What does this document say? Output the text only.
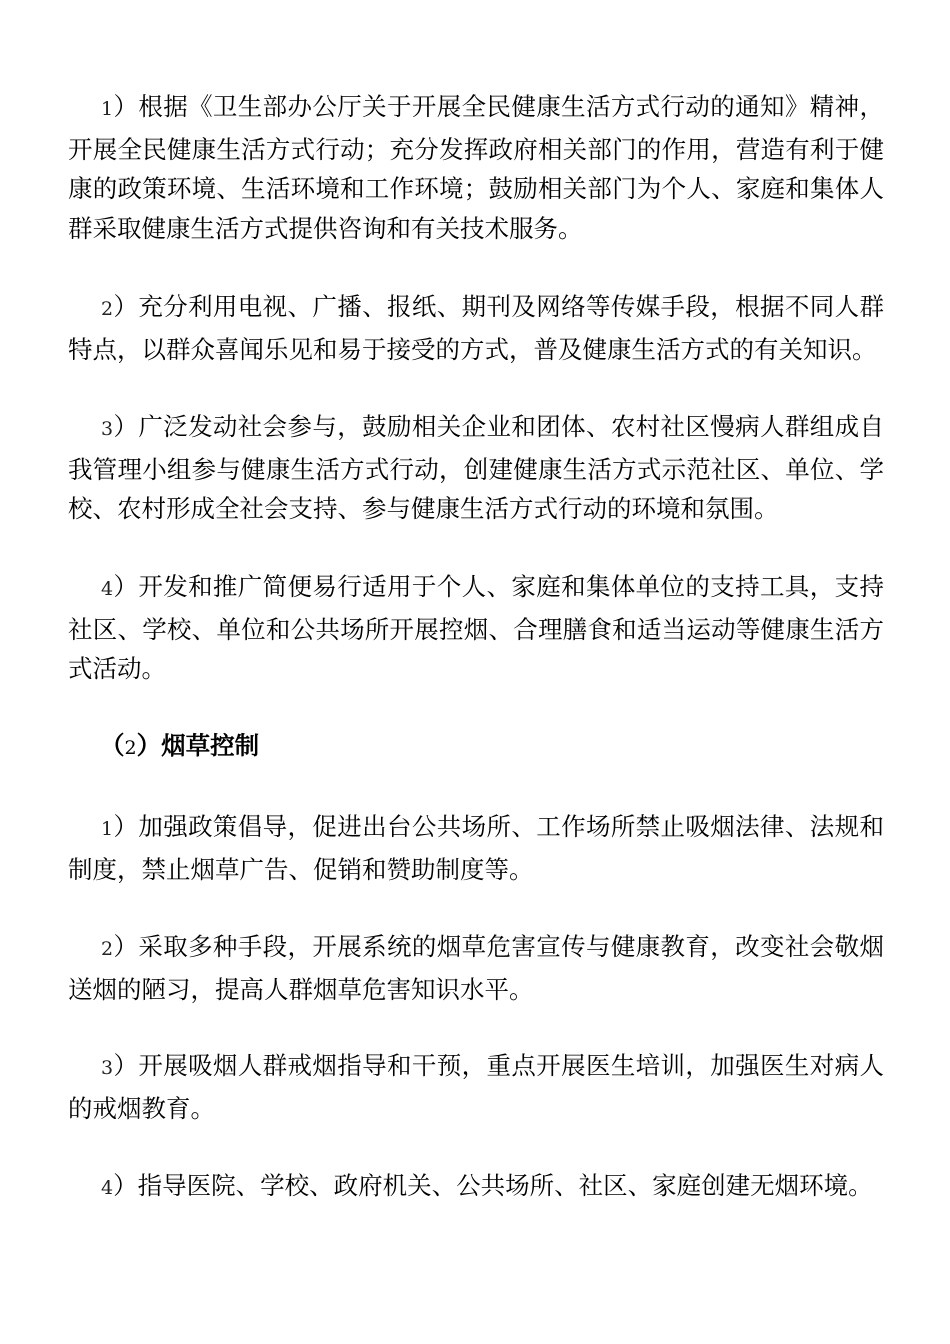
1）根据《卫生部办公厅关于开展全民健康生活方式行动的通知》精神，开展全民健康生活方式行动；充分发挥政府相关部门的作用，营造有利于健康的政策环境、生活环境和工作环境；鼓励相关部门为个人、家庭和集体人群采取健康生活方式提供咨询和有关技术服务。

2）充分利用电视、广播、报纸、期刊及网络等传媒手段，根据不同人群特点，以群众喜闻乐见和易于接受的方式，普及健康生活方式的有关知识。

3）广泛发动社会参与，鼓励相关企业和团体、农村社区慢病人群组成自我管理小组参与健康生活方式行动，创建健康生活方式示范社区、单位、学校、农村形成全社会支持、参与健康生活方式行动的环境和氛围。

4）开发和推广简便易行适用于个人、家庭和集体单位的支持工具，支持社区、学校、单位和公共场所开展控烟、合理膳食和适当运动等健康生活方式活动。

（2）烟草控制

1）加强政策倡导，促进出台公共场所、工作场所禁止吸烟法律、法规和制度，禁止烟草广告、促销和赞助制度等。

2）采取多种手段，开展系统的烟草危害宣传与健康教育，改变社会敬烟送烟的陋习，提高人群烟草危害知识水平。

3）开展吸烟人群戒烟指导和干预，重点开展医生培训，加强医生对病人的戒烟教育。

4）指导医院、学校、政府机关、公共场所、社区、家庭创建无烟环境。
